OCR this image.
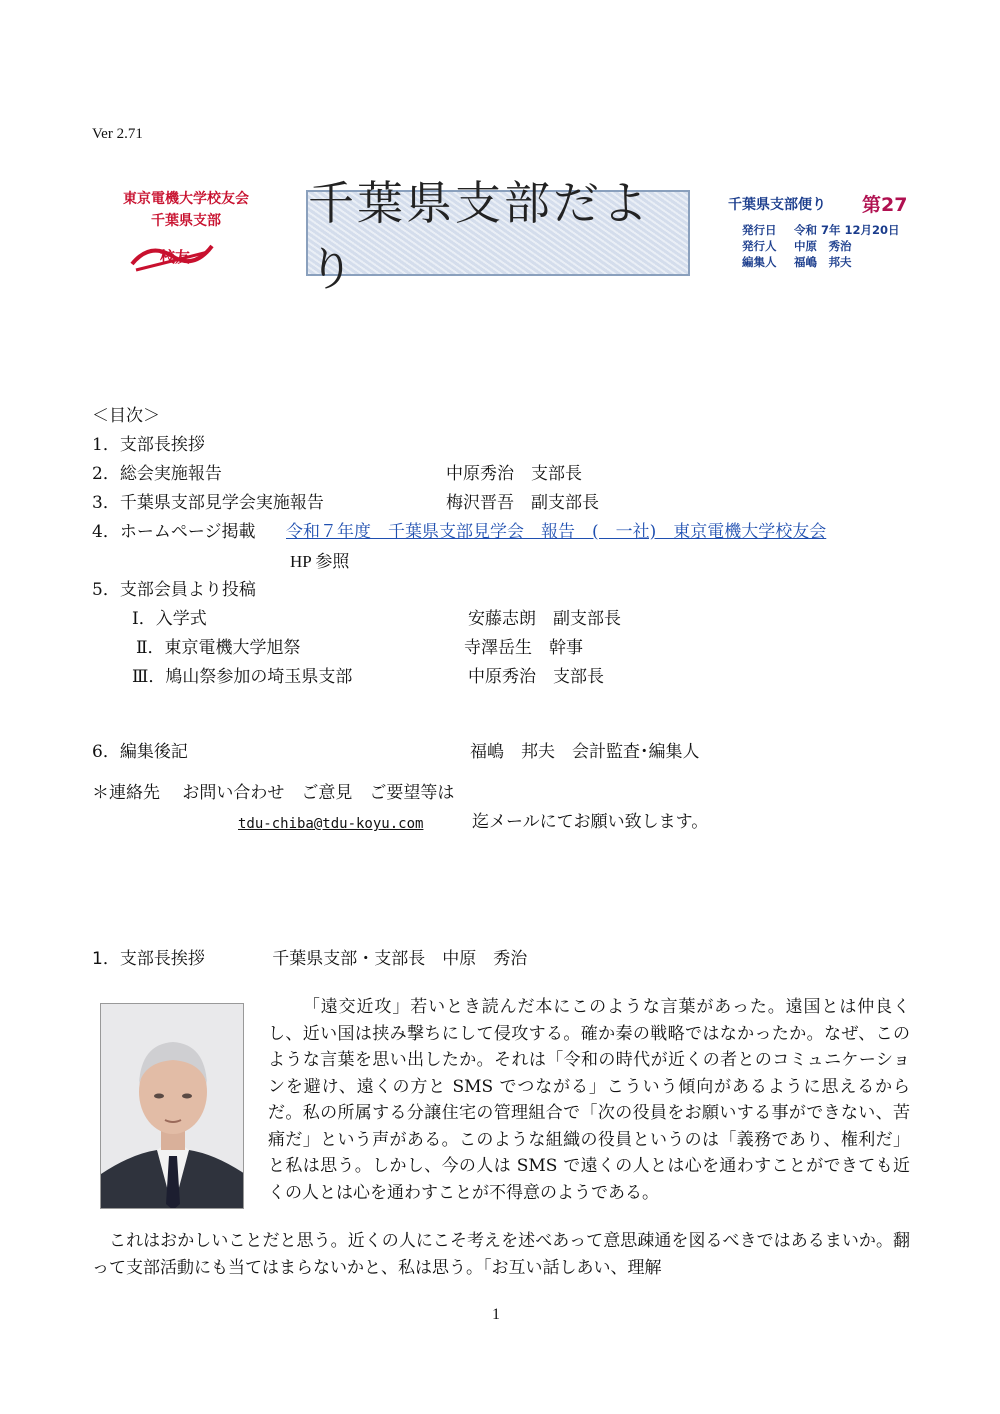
Ver 2.71
東京電機大学校友会
千葉県支部
校友
千葉県支部だより
千葉県支部便り 第27
発行日 令和 7年 12月20日
発行人 中原　秀治
編集人 福嶋　邦夫
＜目次＞
1．支部長挨拶
2．総会実施報告	中原秀治　支部長
3．千葉県支部見学会実施報告	梅沢晋吾　副支部長
4．ホームページ掲載 令和７年度　千葉県支部見学会　報告　(　一社)　東京電機大学校友会
HP 参照
5．支部会員より投稿
Ⅰ．入学式	安藤志朗　副支部長
Ⅱ．東京電機大学旭祭	寺澤岳生　幹事
Ⅲ．鳩山祭参加の埼玉県支部	中原秀治　支部長
6．編集後記	福嶋　邦夫　会計監査･編集人
＊連絡先　 お問い合わせ　ご意見　ご要望等は
tdu-chiba@tdu-koyu.com	迄メールにてお願い致します。
1．支部長挨拶	千葉県支部・支部長　中原　秀治
「遠交近攻」若いとき読んだ本にこのような言葉があった。遠国とは仲良くし、近い国は挟み撃ちにして侵攻する。確か秦の戦略ではなかったか。なぜ、このような言葉を思い出したか。それは「令和の時代が近くの者とのコミュニケーションを避け、遠くの方と SMS でつながる」こういう傾向があるように思えるからだ。私の所属する分譲住宅の管理組合で「次の役員をお願いする事ができない、苦痛だ」という声がある。このような組織の役員というのは「義務であり、権利だ」と私は思う。しかし、今の人は SMS で遠くの人とは心を通わすことができても近くの人とは心を通わすことが不得意のようである。
これはおかしいことだと思う。近くの人にこそ考えを述べあって意思疎通を図るべきではあるまいか。翻って支部活動にも当てはまらないかと、私は思う。「お互い話しあい、理解
1
